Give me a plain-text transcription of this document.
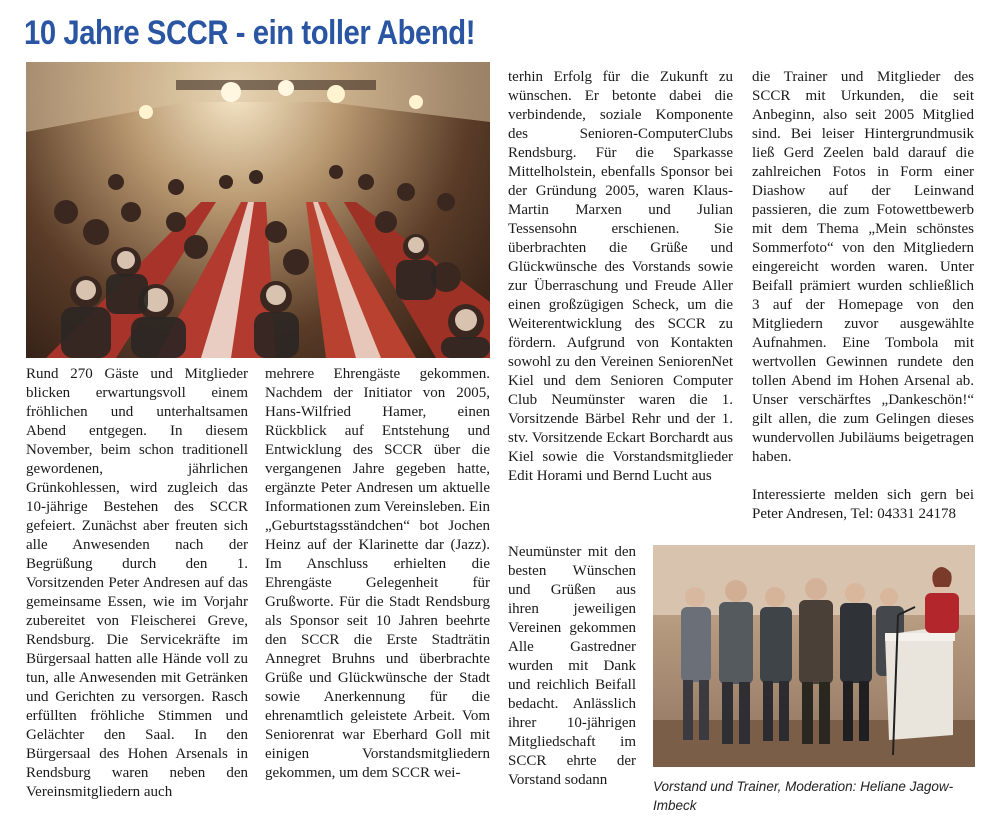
10 Jahre SCCR - ein toller Abend!

Rund 270 Gäste und Mitglieder blicken erwartungsvoll einem fröhlichen und unterhaltsamen Abend entgegen. In diesem November, beim schon traditionell gewordenen, jährlichen Grünkohlessen, wird zugleich das 10-jährige Bestehen des SCCR gefeiert. Zunächst aber freuten sich alle Anwesenden nach der Begrüßung durch den 1. Vorsitzenden Peter Andresen auf das gemeinsame Essen, wie im Vorjahr zubereitet von Fleischerei Greve, Rendsburg. Die Servicekräfte im Bürgersaal hatten alle Hände voll zu tun, alle Anwesenden mit Getränken und Gerichten zu versorgen. Rasch erfüllten fröhliche Stimmen und Gelächter den Saal. In den Bürgersaal des Hohen Arsenals in Rendsburg waren neben den Vereinsmitgliedern auch

mehrere Ehrengäste gekommen. Nachdem der Initiator von 2005, Hans-Wilfried Hamer, einen Rückblick auf Entstehung und Entwicklung des SCCR über die vergangenen Jahre gegeben hatte, ergänzte Peter Andresen um aktuelle Informationen zum Vereinsleben. Ein „Geburtstagsständchen“ bot Jochen Heinz auf der Klarinette dar (Jazz). Im Anschluss erhielten die Ehrengäste Gelegenheit für Grußworte. Für die Stadt Rendsburg als Sponsor seit 10 Jahren beehrte den SCCR die Erste Stadträtin Annegret Bruhns und überbrachte Grüße und Glückwünsche der Stadt sowie Anerkennung für die ehrenamtlich geleistete Arbeit. Vom Seniorenrat war Eberhard Goll mit einigen Vorstandsmitgliedern gekommen, um dem SCCR wei-

terhin Erfolg für die Zukunft zu wünschen. Er betonte dabei die verbindende, soziale Komponente des Senioren-ComputerClubs Rendsburg. Für die Sparkasse Mittelholstein, ebenfalls Sponsor bei der Gründung 2005, waren Klaus-Martin Marxen und Julian Tessensohn erschienen. Sie überbrachten die Grüße und Glückwünsche des Vorstands sowie zur Überraschung und Freude Aller einen großzügigen Scheck, um die Weiterentwicklung des SCCR zu fördern. Aufgrund von Kontakten sowohl zu den Vereinen SeniorenNet Kiel und dem Senioren Computer Club Neumünster waren die 1. Vorsitzende Bärbel Rehr und der 1. stv. Vorsitzende Eckart Borchardt aus Kiel sowie die Vorstandsmitglieder Edit Horami und Bernd Lucht aus

Neumünster mit den besten Wünschen und Grüßen aus ihren jeweiligen Vereinen gekommen Alle Gastredner wurden mit Dank und reichlich Beifall bedacht. Anlässlich ihrer 10-jährigen Mitgliedschaft im SCCR ehrte der Vorstand sodann

die Trainer und Mitglieder des SCCR mit Urkunden, die seit Anbeginn, also seit 2005 Mitglied sind. Bei leiser Hintergrundmusik ließ Gerd Zeelen bald darauf die zahlreichen Fotos in Form einer Diashow auf der Leinwand passieren, die zum Fotowettbewerb mit dem Thema „Mein schönstes Sommerfoto“ von den Mitgliedern eingereicht worden waren. Unter Beifall prämiert wurden schließlich 3 auf der Homepage von den Mitgliedern zuvor ausgewählte Aufnahmen. Eine Tombola mit wertvollen Gewinnen rundete den tollen Abend im Hohen Arsenal ab. Unser verschärftes „Dankeschön!“ gilt allen, die zum Gelingen dieses wundervollen Jubiläums beigetragen haben.

Interessierte melden sich gern bei Peter Andresen, Tel: 04331 24178

Vorstand und Trainer, Moderation: Heliane Jagow-Imbeck
